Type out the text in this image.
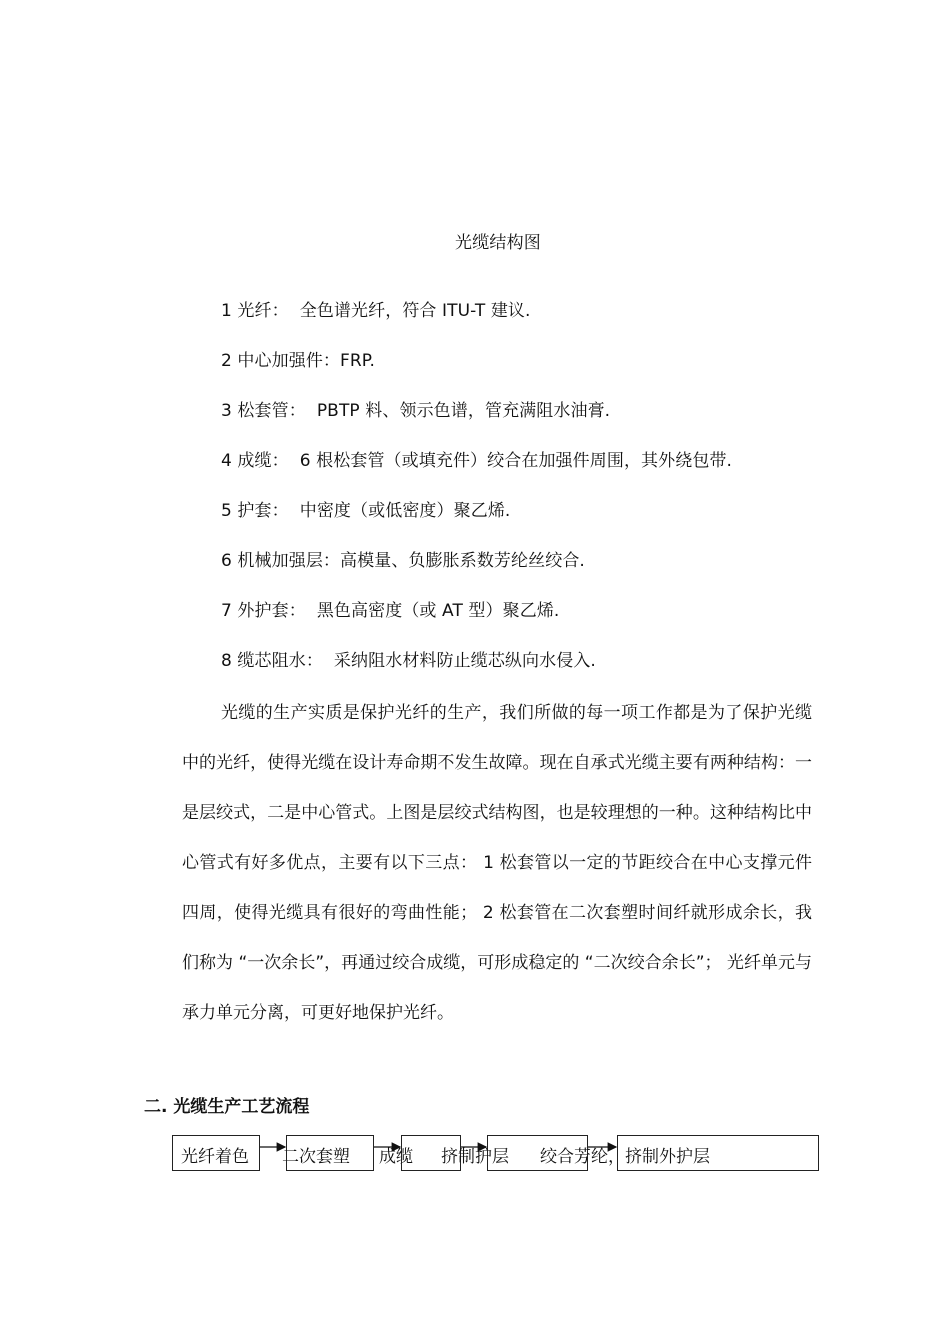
光缆结构图
1 光纤：  全色谱光纤，符合 ITU-T 建议.
2 中心加强件：FRP.
3 松套管：  PBTP 料、领示色谱，管充满阻水油膏.
4 成缆：  6 根松套管（或填充件）绞合在加强件周围，其外绕包带.
5 护套：  中密度（或低密度）聚乙烯.
6 机械加强层：高模量、负膨胀系数芳纶丝绞合.
7 外护套：  黑色高密度（或 AT 型）聚乙烯.
8 缆芯阻水：  采纳阻水材料防止缆芯纵向水侵入.
光缆的生产实质是保护光纤的生产，我们所做的每一项工作都是为了保护光缆中的光纤，使得光缆在设计寿命期不发生故障。现在自承式光缆主要有两种结构：一是层绞式，二是中心管式。上图是层绞式结构图，也是较理想的一种。这种结构比中心管式有好多优点，主要有以下三点： 1 松套管以一定的节距绞合在中心支撑元件四周，使得光缆具有很好的弯曲性能； 2 松套管在二次套塑时间纤就形成余长，我们称为 “一次余长”，再通过绞合成缆，可形成稳定的 “二次绞合余长”； 光纤单元与承力单元分离，可更好地保护光纤。
二. 光缆生产工艺流程
光纤着色 二次套塑 成缆 挤制护层 绞合芳纶，挤制外护层
